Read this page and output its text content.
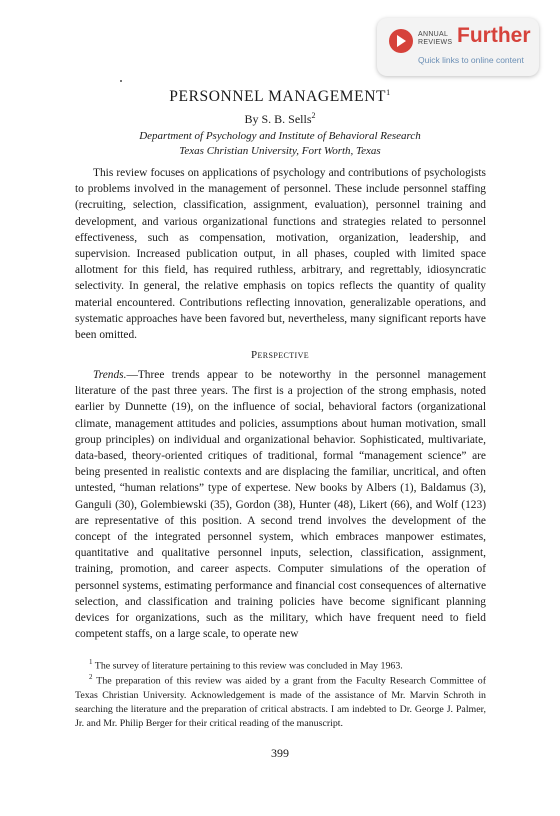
ANNUAL
REVIEWS Further
Quick links to online content
PERSONNEL MANAGEMENT$^1$
By S. B. Sells$^2$
Department of Psychology and Institute of Behavioral Research
Texas Christian University, Fort Worth, Texas

This review focuses on applications of psychology and contributions of psychologists to problems involved in the management of personnel. These include personnel staffing (recruiting, selection, classification, assignment, evaluation), personnel training and development, and various organizational functions and strategies related to personnel effectiveness, such as compensation, motivation, organization, leadership, and supervision. Increased publication output, in all phases, coupled with limited space allotment for this field, has required ruthless, arbitrary, and regrettably, idiosyncratic selectivity. In general, the relative emphasis on topics reflects the quantity of quality material encountered. Contributions reflecting innovation, generalizable operations, and systematic approaches have been favored but, nevertheless, many significant reports have been omitted.

Perspective

Trends.—Three trends appear to be noteworthy in the personnel management literature of the past three years. The first is a projection of the strong emphasis, noted earlier by Dunnette (19), on the influence of social, behavioral factors (organizational climate, management attitudes and policies, assumptions about human motivation, small group principles) on individual and organizational behavior. Sophisticated, multivariate, data-based, theory-oriented critiques of traditional, formal “management science” are being presented in realistic contexts and are displacing the familiar, uncritical, and often untested, “human relations” type of expertese. New books by Albers (1), Baldamus (3), Ganguli (30), Golembiewski (35), Gordon (38), Hunter (48), Likert (66), and Wolf (123) are representative of this position. A second trend involves the development of the concept of the integrated personnel system, which embraces manpower estimates, quantitative and qualitative personnel inputs, selection, classification, assignment, training, promotion, and career aspects. Computer simulations of the operation of personnel systems, estimating performance and financial cost consequences of alternative selection, and classification and training policies have become significant planning devices for organizations, such as the military, which have frequent need to field competent staffs, on a large scale, to operate new

$^1$ The survey of literature pertaining to this review was concluded in May 1963.

$^2$ The preparation of this review was aided by a grant from the Faculty Research Committee of Texas Christian University. Acknowledgement is made of the assistance of Mr. Marvin Schroth in searching the literature and the preparation of critical abstracts. I am indebted to Dr. George J. Palmer, Jr. and Mr. Philip Berger for their critical reading of the manuscript.

399
